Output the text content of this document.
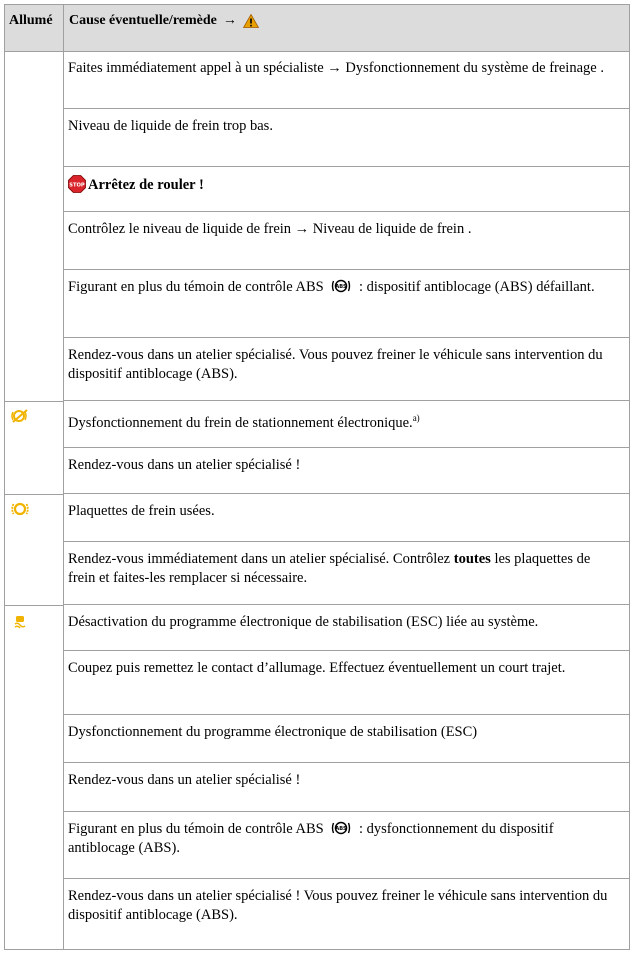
Allumé Cause éventuelle/remède →
Faites immédiatement appel à un spécialiste → Dysfonctionnement du système de freinage .
Niveau de liquide de frein trop bas.
STOP Arrêtez de rouler !
Contrôlez le niveau de liquide de frein → Niveau de liquide de frein .
Figurant en plus du témoin de contrôle ABS ABS : dispositif antiblocage (ABS) défaillant.
Rendez-vous dans un atelier spécialisé. Vous pouvez freiner le véhicule sans intervention du dispositif antiblocage (ABS).
Dysfonctionnement du frein de stationnement électronique.$^{a)}$
Rendez-vous dans un atelier spécialisé !
Plaquettes de frein usées.
Rendez-vous immédiatement dans un atelier spécialisé. Contrôlez toutes les plaquettes de frein et faites-les remplacer si nécessaire.
Désactivation du programme électronique de stabilisation (ESC) liée au système.
Coupez puis remettez le contact d’allumage. Effectuez éventuellement un court trajet.
Dysfonctionnement du programme électronique de stabilisation (ESC)
Rendez-vous dans un atelier spécialisé !
Figurant en plus du témoin de contrôle ABS ABS : dysfonctionnement du dispositif antiblocage (ABS).
Rendez-vous dans un atelier spécialisé ! Vous pouvez freiner le véhicule sans intervention du dispositif antiblocage (ABS).
